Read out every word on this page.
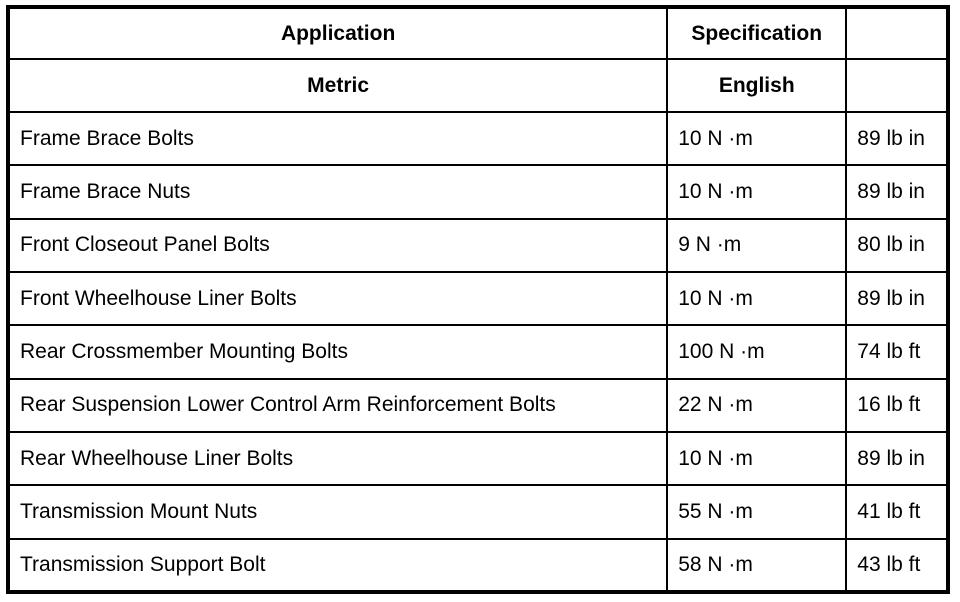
Application	Specification	
Metric	English	
Frame Brace Bolts	10 N ·m	89 lb in
Frame Brace Nuts	10 N ·m	89 lb in
Front Closeout Panel Bolts	9 N ·m	80 lb in
Front Wheelhouse Liner Bolts	10 N ·m	89 lb in
Rear Crossmember Mounting Bolts	100 N ·m	74 lb ft
Rear Suspension Lower Control Arm Reinforcement Bolts	22 N ·m	16 lb ft
Rear Wheelhouse Liner Bolts	10 N ·m	89 lb in
Transmission Mount Nuts	55 N ·m	41 lb ft
Transmission Support Bolt	58 N ·m	43 lb ft
